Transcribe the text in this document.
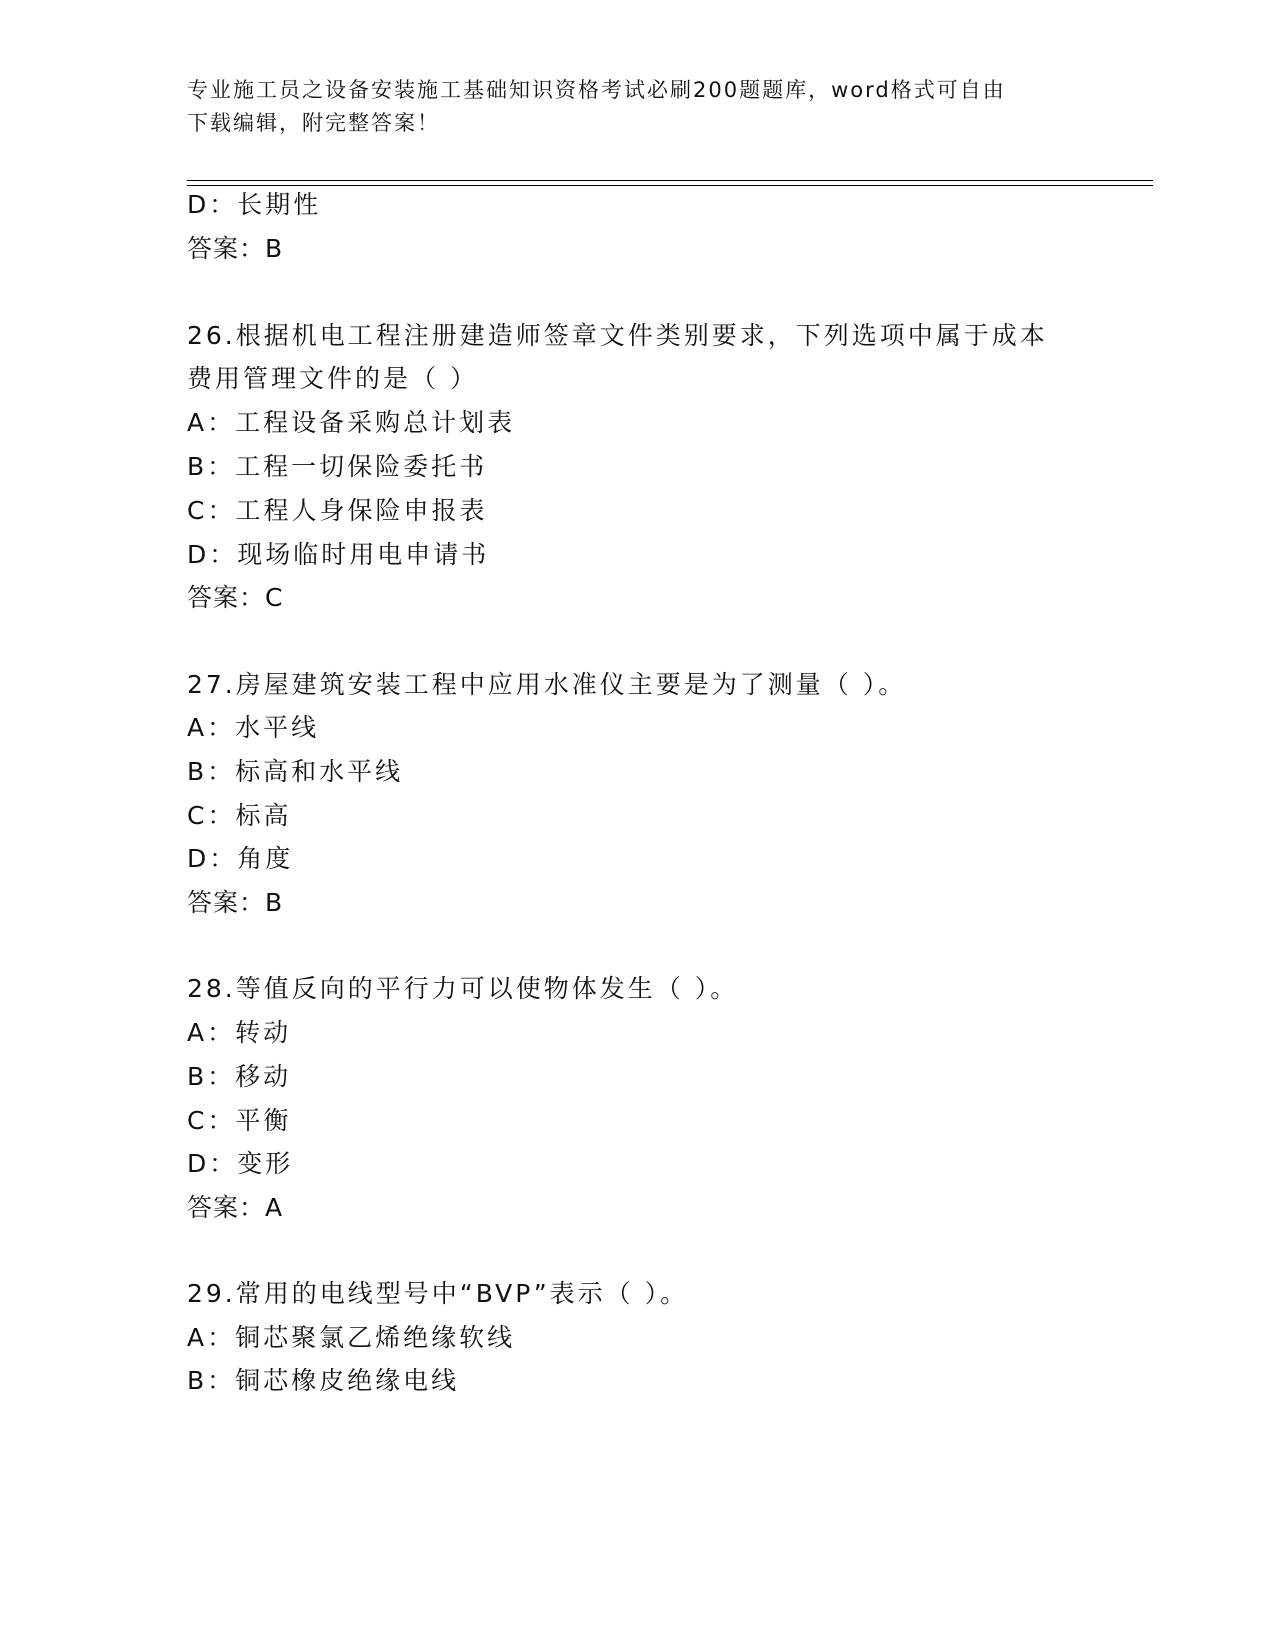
专业施工员之设备安装施工基础知识资格考试必刷200题题库，word格式可自由
下载编辑，附完整答案！
D：长期性
答案：B
26.根据机电工程注册建造师签章文件类别要求，下列选项中属于成本
费用管理文件的是（ ）
A：工程设备采购总计划表
B：工程一切保险委托书
C：工程人身保险申报表
D：现场临时用电申请书
答案：C
27.房屋建筑安装工程中应用水准仪主要是为了测量（ ）。
A：水平线
B：标高和水平线
C：标高
D：角度
答案：B
28.等值反向的平行力可以使物体发生（ ）。
A：转动
B：移动
C：平衡
D：变形
答案：A
29.常用的电线型号中“BVP”表示（ ）。
A：铜芯聚氯乙烯绝缘软线
B：铜芯橡皮绝缘电线
